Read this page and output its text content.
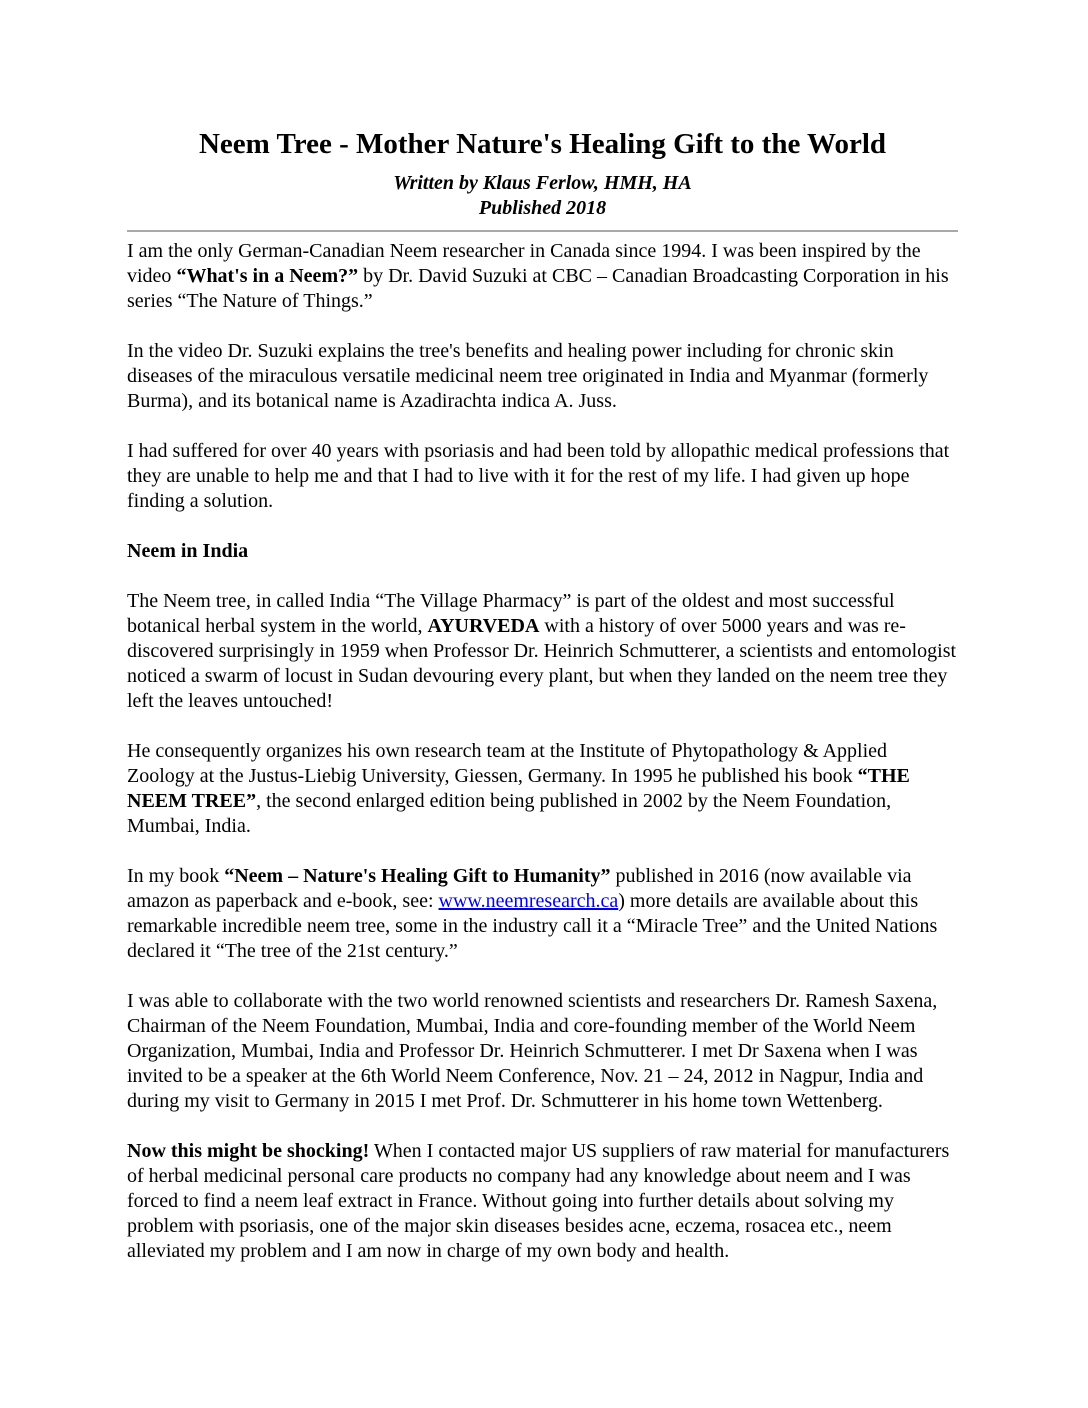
Neem Tree - Mother Nature's Healing Gift to the World

Written by Klaus Ferlow, HMH, HA

Published 2018

I am the only German-Canadian Neem researcher in Canada since 1994. I was been inspired by the video “What's in a Neem?” by Dr. David Suzuki at CBC – Canadian Broadcasting Corporation in his series “The Nature of Things.”

In the video Dr. Suzuki explains the tree's benefits and healing power including for chronic skin diseases of the miraculous versatile medicinal neem tree originated in India and Myanmar (formerly Burma), and its botanical name is Azadirachta indica A. Juss.

I had suffered for over 40 years with psoriasis and had been told by allopathic medical professions that they are unable to help me and that I had to live with it for the rest of my life. I had given up hope finding a solution.

Neem in India

The Neem tree, in called India “The Village Pharmacy” is part of the oldest and most successful botanical herbal system in the world, AYURVEDA with a history of over 5000 years and was re-discovered surprisingly in 1959 when Professor Dr. Heinrich Schmutterer, a scientists and entomologist noticed a swarm of locust in Sudan devouring every plant, but when they landed on the neem tree they left the leaves untouched!

He consequently organizes his own research team at the Institute of Phytopathology & Applied Zoology at the Justus-Liebig University, Giessen, Germany. In 1995 he published his book “THE NEEM TREE”, the second enlarged edition being published in 2002 by the Neem Foundation, Mumbai, India.

In my book “Neem – Nature's Healing Gift to Humanity” published in 2016 (now available via amazon as paperback and e-book, see: www.neemresearch.ca) more details are available about this remarkable incredible neem tree, some in the industry call it a “Miracle Tree” and the United Nations declared it “The tree of the 21st century.”

I was able to collaborate with the two world renowned scientists and researchers Dr. Ramesh Saxena, Chairman of the Neem Foundation, Mumbai, India and core-founding member of the World Neem Organization, Mumbai, India and Professor Dr. Heinrich Schmutterer. I met Dr Saxena when I was invited to be a speaker at the 6th World Neem Conference, Nov. 21 – 24, 2012 in Nagpur, India and during my visit to Germany in 2015 I met Prof. Dr. Schmutterer in his home town Wettenberg.

Now this might be shocking! When I contacted major US suppliers of raw material for manufacturers of herbal medicinal personal care products no company had any knowledge about neem and I was forced to find a neem leaf extract in France. Without going into further details about solving my problem with psoriasis, one of the major skin diseases besides acne, eczema, rosacea etc., neem alleviated my problem and I am now in charge of my own body and health.
